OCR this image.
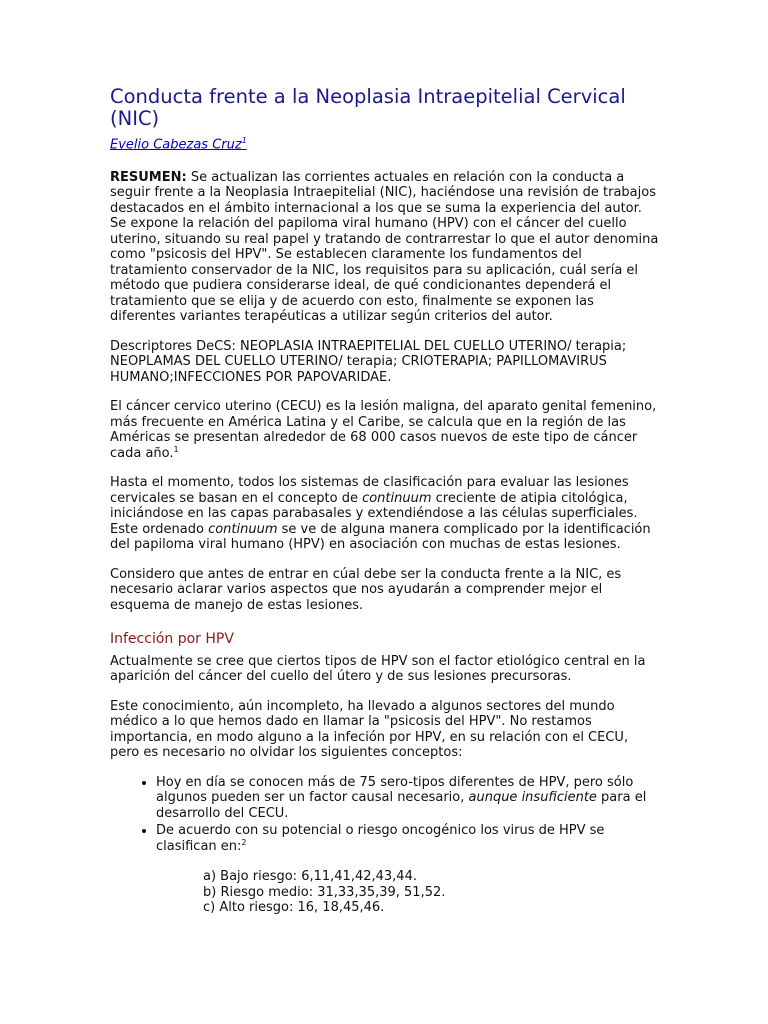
Conducta frente a la Neoplasia Intraepitelial Cervical (NIC)
Evelio Cabezas Cruz$^1$

RESUMEN: Se actualizan las corrientes actuales en relación con la conducta a seguir frente a la Neoplasia Intraepitelial (NIC), haciéndose una revisión de trabajos destacados en el ámbito internacional a los que se suma la experiencia del autor. Se expone la relación del papiloma viral humano (HPV) con el cáncer del cuello uterino, situando su real papel y tratando de contrarrestar lo que el autor denomina como "psicosis del HPV". Se establecen claramente los fundamentos del tratamiento conservador de la NIC, los requisitos para su aplicación, cuál sería el método que pudiera considerarse ideal, de qué condicionantes dependerá el tratamiento que se elija y de acuerdo con esto, finalmente se exponen las diferentes variantes terapéuticas a utilizar según criterios del autor.

Descriptores DeCS: NEOPLASIA INTRAEPITELIAL DEL CUELLO UTERINO/ terapia; NEOPLAMAS DEL CUELLO UTERINO/ terapia; CRIOTERAPIA; PAPILLOMAVIRUS HUMANO;INFECCIONES POR PAPOVARIDAE.

El cáncer cervico uterino (CECU) es la lesión maligna, del aparato genital femenino, más frecuente en América Latina y el Caribe, se calcula que en la región de las Américas se presentan alrededor de 68 000 casos nuevos de este tipo de cáncer cada año.$^1$

Hasta el momento, todos los sistemas de clasificación para evaluar las lesiones cervicales se basan en el concepto de continuum creciente de atipia citológica, iniciándose en las capas parabasales y extendiéndose a las células superficiales. Este ordenado continuum se ve de alguna manera complicado por la identificación del papiloma viral humano (HPV) en asociación con muchas de estas lesiones.

Considero que antes de entrar en cúal debe ser la conducta frente a la NIC, es necesario aclarar varios aspectos que nos ayudarán a comprender mejor el esquema de manejo de estas lesiones.

Infección por HPV

Actualmente se cree que ciertos tipos de HPV son el factor etiológico central en la aparición del cáncer del cuello del útero y de sus lesiones precursoras.

Este conocimiento, aún incompleto, ha llevado a algunos sectores del mundo médico a lo que hemos dado en llamar la "psicosis del HPV". No restamos importancia, en modo alguno a la infeción por HPV, en su relación con el CECU, pero es necesario no olvidar los siguientes conceptos:

• Hoy en día se conocen más de 75 sero-tipos diferentes de HPV, pero sólo algunos pueden ser un factor causal necesario, aunque insuficiente para el desarrollo del CECU.
• De acuerdo con su potencial o riesgo oncogénico los virus de HPV se clasifican en:$^2$
a) Bajo riesgo: 6,11,41,42,43,44.
b) Riesgo medio: 31,33,35,39, 51,52.
c) Alto riesgo: 16, 18,45,46.
